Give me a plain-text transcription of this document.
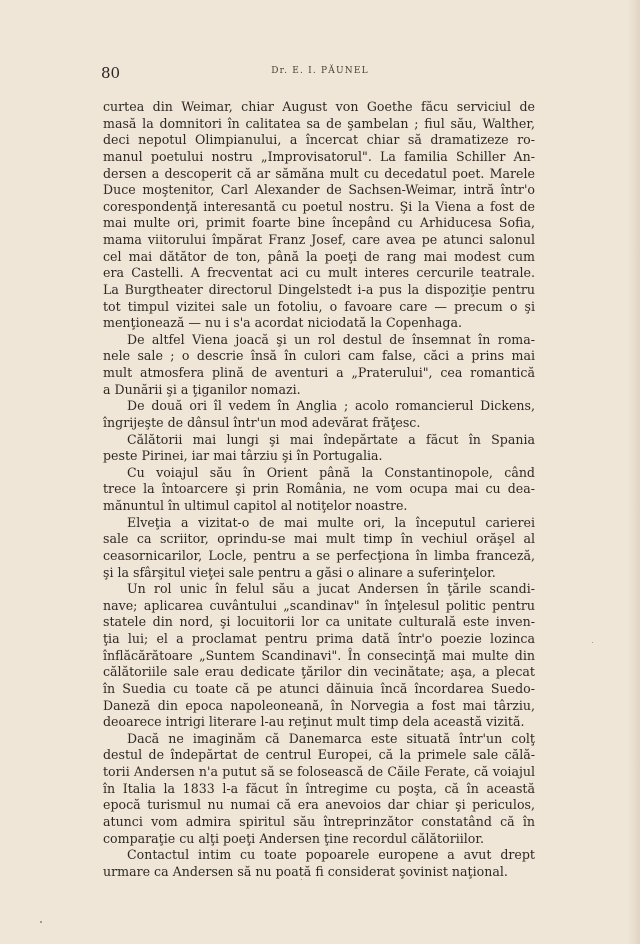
80	Dr. E. I. PĂUNEL
curtea din Weimar, chiar August von Goethe făcu serviciul de
masă la domnitori în calitatea sa de şambelan ; fiul său, Walther,
deci nepotul Olimpianului, a încercat chiar să dramatizeze ro-
manul poetului nostru „Improvisatorul". La familia Schiller An-
dersen a descoperit că ar sămăna mult cu decedatul poet. Marele
Duce moştenitor, Carl Alexander de Sachsen-Weimar, intră într'o
corespondenţă interesantă cu poetul nostru. Şi la Viena a fost de
mai multe ori, primit foarte bine începând cu Arhiducesa Sofia,
mama viitorului împărat Franz Josef, care avea pe atunci salonul
cel mai dătător de ton, până la poeţi de rang mai modest cum
era Castelli. A frecventat aci cu mult interes cercurile teatrale.
La Burgtheater directorul Dingelstedt i-a pus la dispoziţie pentru
tot timpul vizitei sale un fotoliu, o favoare care — precum o şi
menţionează — nu i s'a acordat niciodată la Copenhaga.
De altfel Viena joacă şi un rol destul de însemnat în roma-
nele sale ; o descrie însă în culori cam false, căci a prins mai
mult atmosfera plină de aventuri a „Praterului", cea romantică
a Dunării şi a ţiganilor nomazi.
De două ori îl vedem în Anglia ; acolo romancierul Dickens,
îngrijeşte de dânsul într'un mod adevărat frăţesc.
Călătorii mai lungi şi mai îndepărtate a făcut în Spania
peste Pirinei, iar mai târziu şi în Portugalia.
Cu voiajul său în Orient până la Constantinopole, când
trece la întoarcere şi prin România, ne vom ocupa mai cu dea-
mănuntul în ultimul capitol al notiţelor noastre.
Elveţia a vizitat-o de mai multe ori, la începutul carierei
sale ca scriitor, oprindu-se mai mult timp în vechiul orăşel al
ceasornicarilor, Locle, pentru a se perfecţiona în limba franceză,
şi la sfârşitul vieţei sale pentru a găsi o alinare a suferinţelor.
Un rol unic în felul său a jucat Andersen în ţările scandi-
nave; aplicarea cuvântului „scandinav" în înţelesul politic pentru
statele din nord, şi locuitorii lor ca unitate culturală este inven-
ţia lui; el a proclamat pentru prima dată într'o poezie lozinca
înflăcărătoare „Suntem Scandinavi". În consecinţă mai multe din
călătoriile sale erau dedicate ţărilor din vecinătate; aşa, a plecat
în Suedia cu toate că pe atunci dăinuia încă încordarea Suedo-
Daneză din epoca napoleoneană, în Norvegia a fost mai târziu,
deoarece intrigi literare l-au reţinut mult timp dela această vizită.
Dacă ne imaginăm că Danemarca este situată într'un colţ
destul de îndepărtat de centrul Europei, că la primele sale călă-
torii Andersen n'a putut să se folosească de Căile Ferate, că voiajul
în Italia la 1833 l-a făcut în întregime cu poşta, că în această
epocă turismul nu numai că era anevoios dar chiar şi periculos,
atunci vom admira spiritul său întreprinzător constatând că în
comparaţie cu alţi poeţi Andersen ţine recordul călătoriilor.
Contactul intim cu toate popoarele europene a avut drept
urmare ca Andersen să nu poată fi considerat şovinist naţional.
